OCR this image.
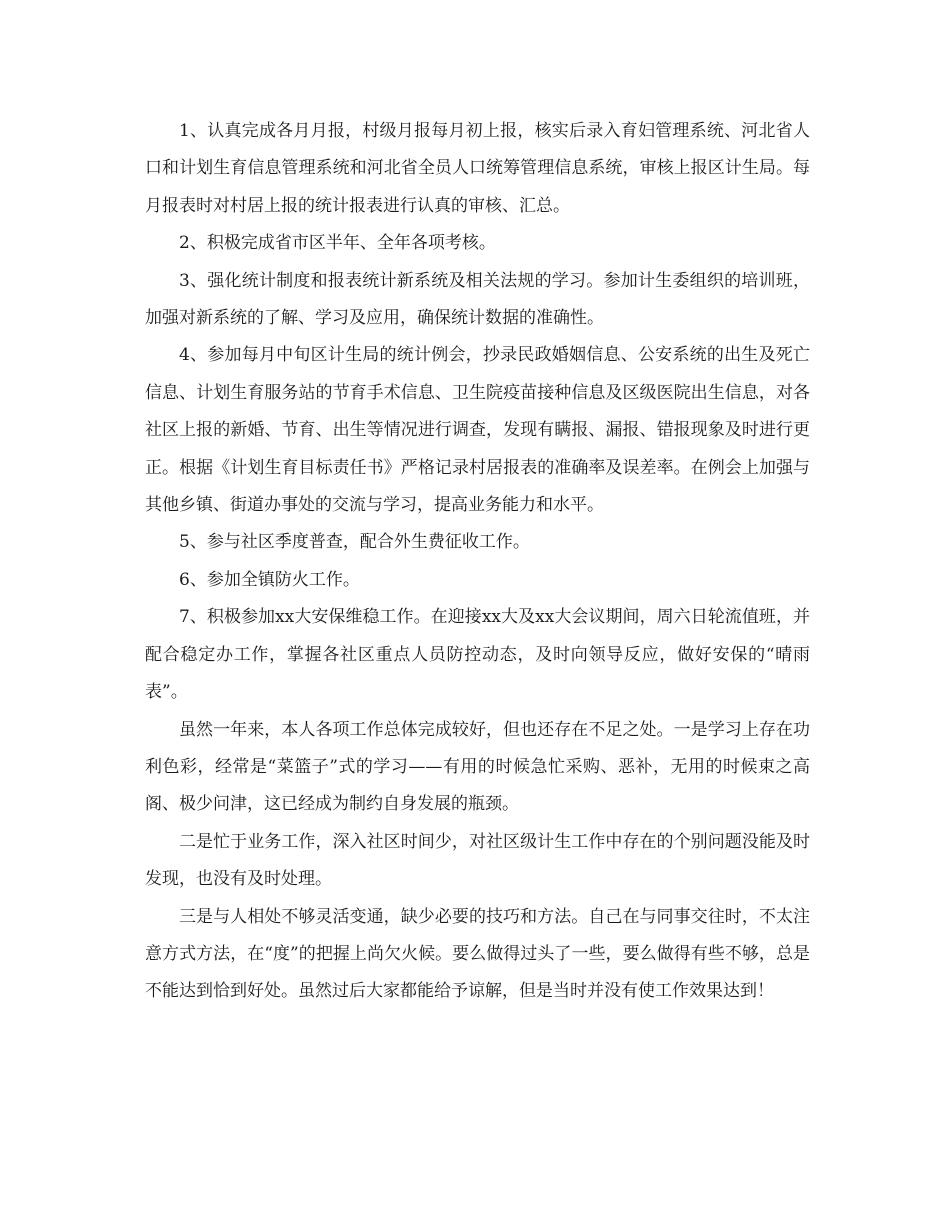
1、认真完成各月月报，村级月报每月初上报，核实后录入育妇管理系统、河北省人口和计划生育信息管理系统和河北省全员人口统筹管理信息系统，审核上报区计生局。每月报表时对村居上报的统计报表进行认真的审核、汇总。

2、积极完成省市区半年、全年各项考核。

3、强化统计制度和报表统计新系统及相关法规的学习。参加计生委组织的培训班，加强对新系统的了解、学习及应用，确保统计数据的准确性。

4、参加每月中旬区计生局的统计例会，抄录民政婚姻信息、公安系统的出生及死亡信息、计划生育服务站的节育手术信息、卫生院疫苗接种信息及区级医院出生信息，对各社区上报的新婚、节育、出生等情况进行调查，发现有瞒报、漏报、错报现象及时进行更正。根据《计划生育目标责任书》严格记录村居报表的准确率及误差率。在例会上加强与其他乡镇、街道办事处的交流与学习，提高业务能力和水平。

5、参与社区季度普查，配合外生费征收工作。

6、参加全镇防火工作。

7、积极参加xx大安保维稳工作。在迎接xx大及xx大会议期间，周六日轮流值班，并配合稳定办工作，掌握各社区重点人员防控动态，及时向领导反应，做好安保的“晴雨表”。

虽然一年来，本人各项工作总体完成较好，但也还存在不足之处。一是学习上存在功利色彩，经常是“菜篮子”式的学习——有用的时候急忙采购、恶补，无用的时候束之高阁、极少问津，这已经成为制约自身发展的瓶颈。

二是忙于业务工作，深入社区时间少，对社区级计生工作中存在的个别问题没能及时发现，也没有及时处理。

三是与人相处不够灵活变通，缺少必要的技巧和方法。自己在与同事交往时，不太注意方式方法，在“度”的把握上尚欠火候。要么做得过头了一些，要么做得有些不够，总是不能达到恰到好处。虽然过后大家都能给予谅解，但是当时并没有使工作效果达到！
